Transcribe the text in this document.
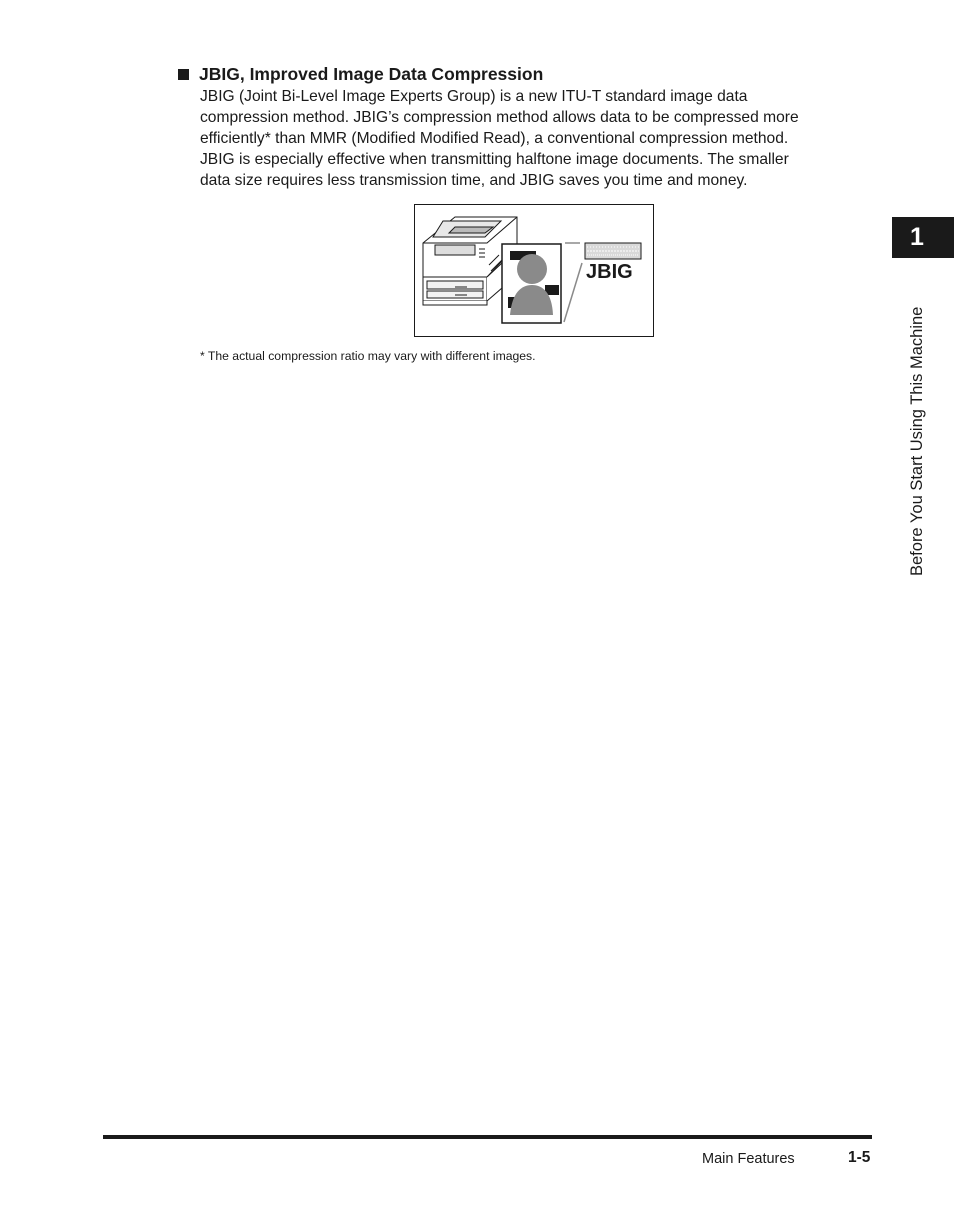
JBIG, Improved Image Data Compression

JBIG (Joint Bi-Level Image Experts Group) is a new ITU-T standard image data

compression method. JBIG’s compression method allows data to be compressed more

efficiently* than MMR (Modified Modified Read), a conventional compression method.

JBIG is especially effective when transmitting halftone image documents. The smaller

data size requires less transmission time, and JBIG saves you time and money.

JBIG
* The actual compression ratio may vary with different images.
1
Before You Start Using This Machine
Main Features	1-5
